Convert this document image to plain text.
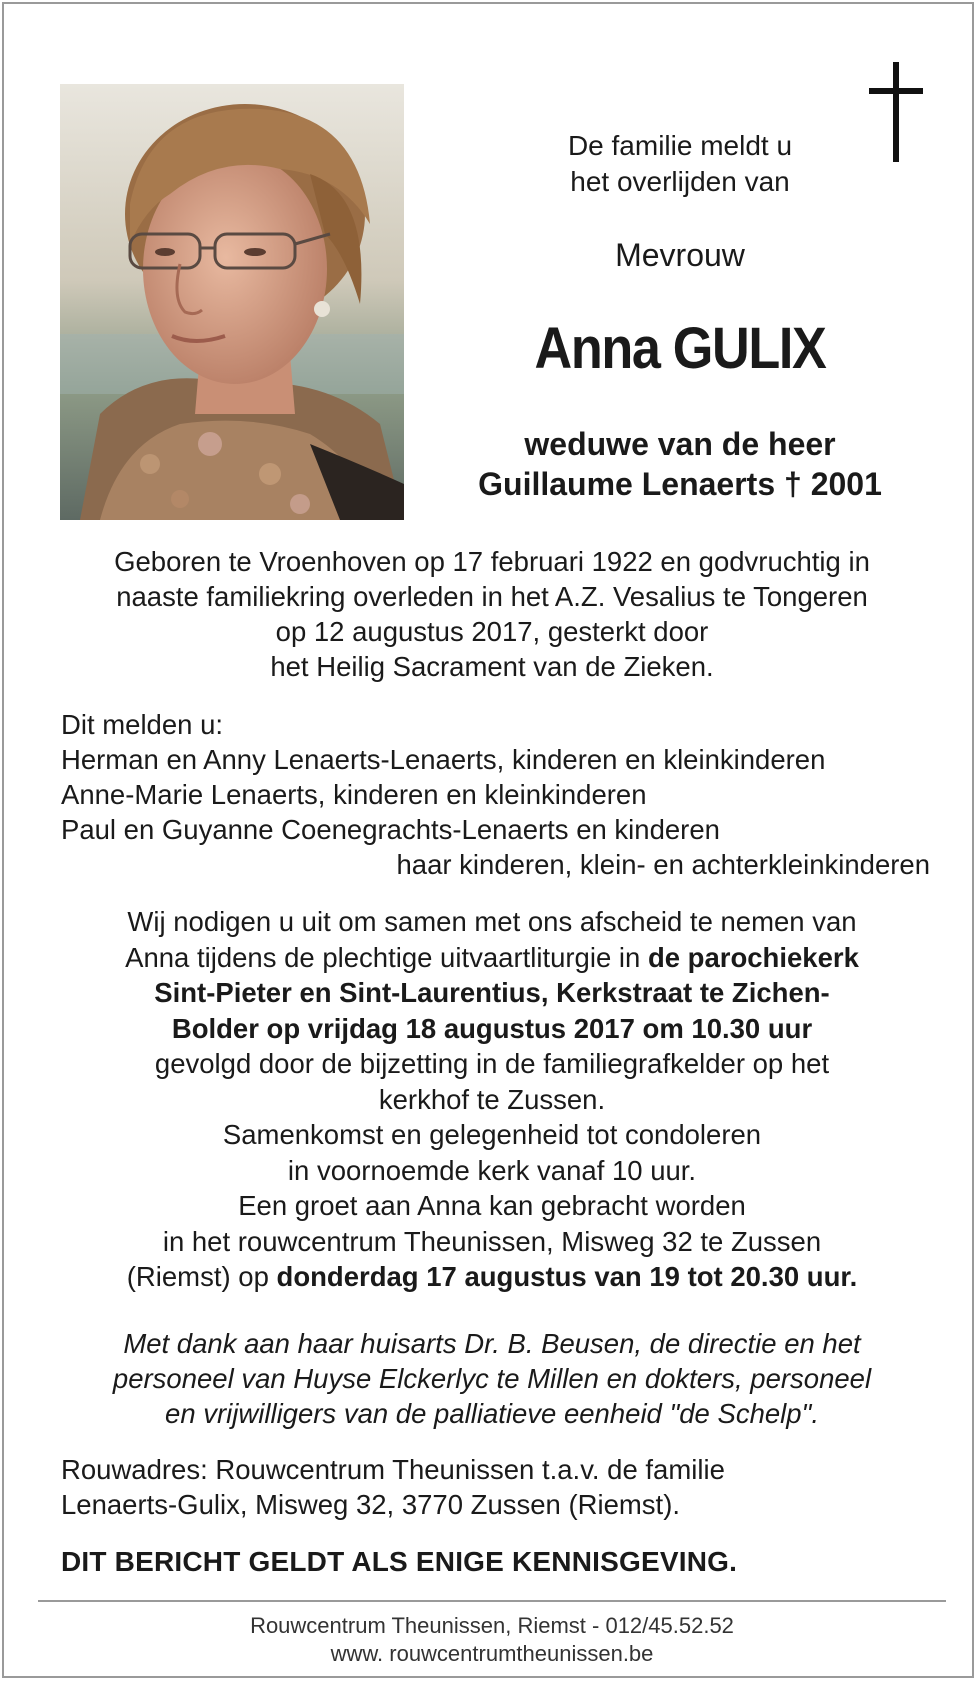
De familie meldt u
het overlijden van
Mevrouw
Anna GULIX
weduwe van de heer
Guillaume Lenaerts † 2001
Geboren te Vroenhoven op 17 februari 1922 en godvruchtig in
naaste familiekring overleden in het A.Z. Vesalius te Tongeren
op 12 augustus 2017, gesterkt door
het Heilig Sacrament van de Zieken.
Dit melden u:
Herman en Anny Lenaerts-Lenaerts, kinderen en kleinkinderen
Anne-Marie Lenaerts, kinderen en kleinkinderen
Paul en Guyanne Coenegrachts-Lenaerts en kinderen
haar kinderen, klein- en achterkleinkinderen
Wij nodigen u uit om samen met ons afscheid te nemen van
Anna tijdens de plechtige uitvaartliturgie in de parochiekerk
Sint-Pieter en Sint-Laurentius, Kerkstraat te Zichen-
Bolder op vrijdag 18 augustus 2017 om 10.30 uur
gevolgd door de bijzetting in de familiegrafkelder op het
kerkhof te Zussen.
Samenkomst en gelegenheid tot condoleren
in voornoemde kerk vanaf 10 uur.
Een groet aan Anna kan gebracht worden
in het rouwcentrum Theunissen, Misweg 32 te Zussen
(Riemst) op donderdag 17 augustus van 19 tot 20.30 uur.
Met dank aan haar huisarts Dr. B. Beusen, de directie en het
personeel van Huyse Elckerlyc te Millen en dokters, personeel
en vrijwilligers van de palliatieve eenheid "de Schelp".
Rouwadres: Rouwcentrum Theunissen t.a.v. de familie
Lenaerts-Gulix, Misweg 32, 3770 Zussen (Riemst).
DIT BERICHT GELDT ALS ENIGE KENNISGEVING.
Rouwcentrum Theunissen, Riemst - 012/45.52.52
www. rouwcentrumtheunissen.be
